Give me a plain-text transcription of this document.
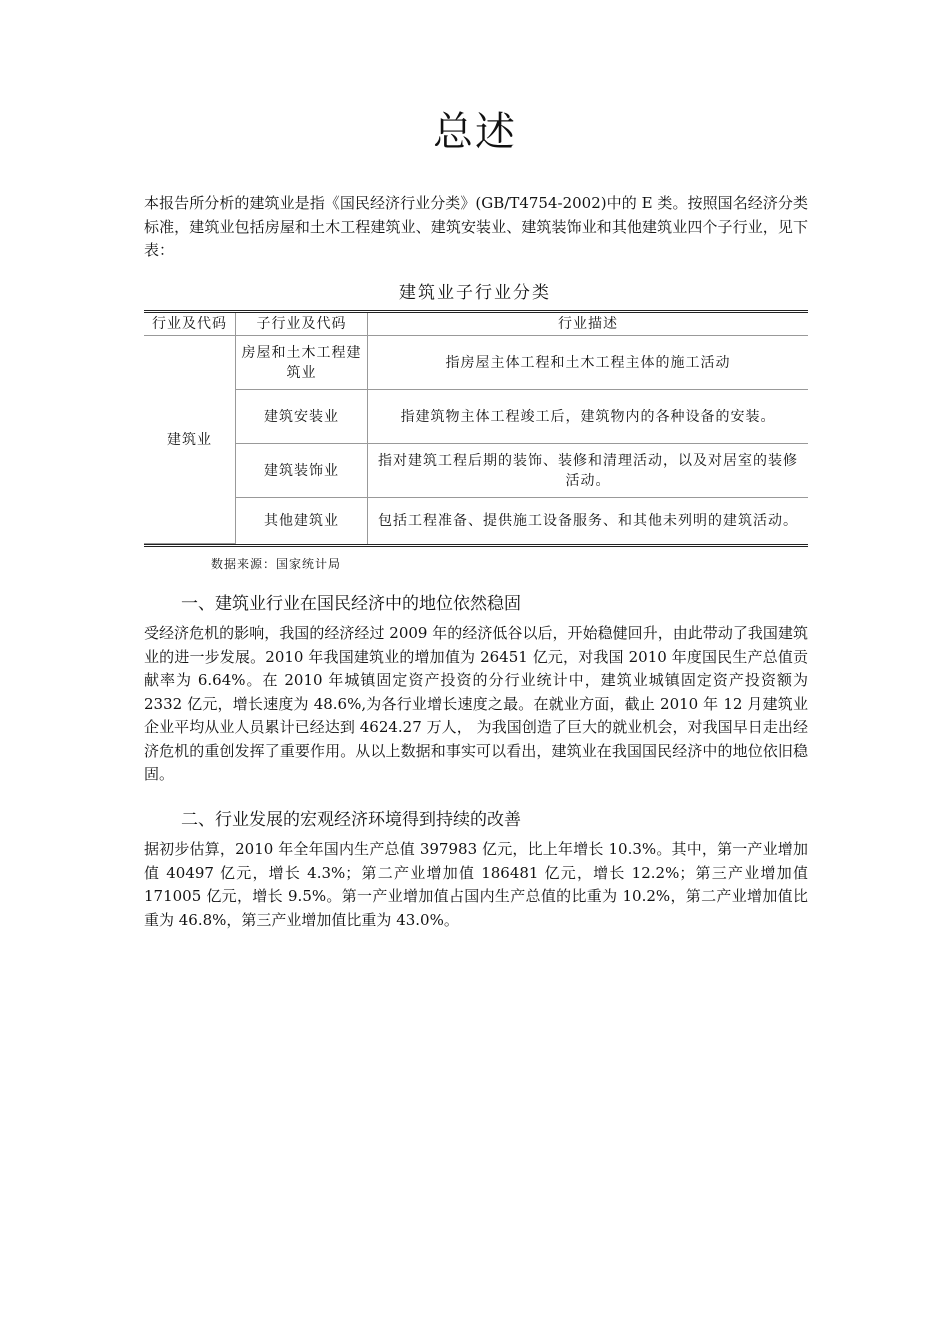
总述

本报告所分析的建筑业是指《国民经济行业分类》(GB/T4754-2002)中的 E 类。按照国名经济分类标准，建筑业包括房屋和土木工程建筑业、建筑安装业、建筑装饰业和其他建筑业四个子行业，见下表：

建筑业子行业分类
行业及代码	子行业及代码	行业描述
建筑业	房屋和土木工程建筑业	指房屋主体工程和土木工程主体的施工活动
	建筑安装业	指建筑物主体工程竣工后，建筑物内的各种设备的安装。
	建筑装饰业	指对建筑工程后期的装饰、装修和清理活动，以及对居室的装修活动。
	其他建筑业	包括工程准备、提供施工设备服务、和其他未列明的建筑活动。
数据来源：国家统计局
一、建筑业行业在国民经济中的地位依然稳固

受经济危机的影响，我国的经济经过 2009 年的经济低谷以后，开始稳健回升，由此带动了我国建筑业的进一步发展。2010 年我国建筑业的增加值为 26451 亿元，对我国 2010 年度国民生产总值贡献率为 6.64%。在 2010 年城镇固定资产投资的分行业统计中，建筑业城镇固定资产投资额为 2332 亿元，增长速度为 48.6%,为各行业增长速度之最。在就业方面，截止 2010 年 12 月建筑业企业平均从业人员累计已经达到 4624.27 万人， 为我国创造了巨大的就业机会，对我国早日走出经济危机的重创发挥了重要作用。从以上数据和事实可以看出，建筑业在我国国民经济中的地位依旧稳固。

二、行业发展的宏观经济环境得到持续的改善

据初步估算，2010 年全年国内生产总值 397983 亿元，比上年增长 10.3%。其中，第一产业增加值 40497 亿元，增长 4.3%；第二产业增加值 186481 亿元，增长 12.2%；第三产业增加值 171005 亿元，增长 9.5%。第一产业增加值占国内生产总值的比重为 10.2%，第二产业增加值比重为 46.8%，第三产业增加值比重为 43.0%。
